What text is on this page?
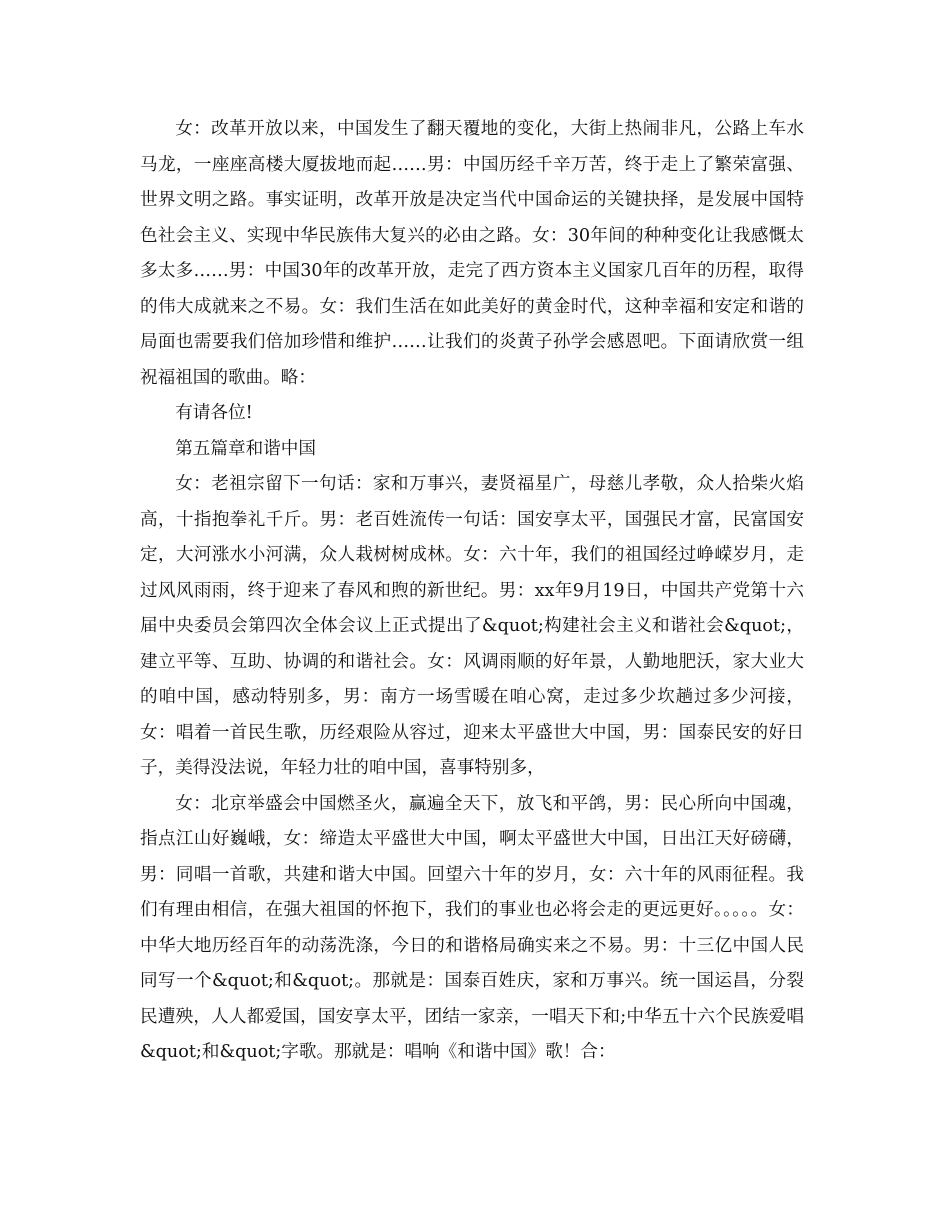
女：改革开放以来，中国发生了翻天覆地的变化，大街上热闹非凡，公路上车水马龙，一座座高楼大厦拔地而起……男：中国历经千辛万苦，终于走上了繁荣富强、世界文明之路。事实证明，改革开放是决定当代中国命运的关键抉择，是发展中国特色社会主义、实现中华民族伟大复兴的必由之路。女：30年间的种种变化让我感慨太多太多……男：中国30年的改革开放，走完了西方资本主义国家几百年的历程，取得的伟大成就来之不易。女：我们生活在如此美好的黄金时代，这种幸福和安定和谐的局面也需要我们倍加珍惜和维护……让我们的炎黄子孙学会感恩吧。下面请欣赏一组祝福祖国的歌曲。略：

有请各位!

第五篇章和谐中国

女：老祖宗留下一句话：家和万事兴，妻贤福星广，母慈儿孝敬，众人拾柴火焰高，十指抱拳礼千斤。男：老百姓流传一句话：国安享太平，国强民才富，民富国安定，大河涨水小河满，众人栽树树成林。女：六十年，我们的祖国经过峥嵘岁月，走过风风雨雨，终于迎来了春风和煦的新世纪。男：xx年9月19日，中国共产党第十六届中央委员会第四次全体会议上正式提出了&quot;构建社会主义和谐社会&quot;，建立平等、互助、协调的和谐社会。女：风调雨顺的好年景，人勤地肥沃，家大业大的咱中国，感动特别多，男：南方一场雪暖在咱心窝，走过多少坎趟过多少河接，女：唱着一首民生歌，历经艰险从容过，迎来太平盛世大中国，男：国泰民安的好日子，美得没法说，年轻力壮的咱中国，喜事特别多，

女：北京举盛会中国燃圣火，赢遍全天下，放飞和平鸽，男：民心所向中国魂，指点江山好巍峨，女：缔造太平盛世大中国，啊太平盛世大中国，日出江天好磅礴，男：同唱一首歌，共建和谐大中国。回望六十年的岁月，女：六十年的风雨征程。我们有理由相信，在强大祖国的怀抱下，我们的事业也必将会走的更远更好。。。。。女：中华大地历经百年的动荡洗涤，今日的和谐格局确实来之不易。男：十三亿中国人民同写一个&quot;和&quot;。那就是：国泰百姓庆，家和万事兴。统一国运昌，分裂民遭殃，人人都爱国，国安享太平，团结一家亲，一唱天下和;中华五十六个民族爱唱&quot;和&quot;字歌。那就是：唱响《和谐中国》歌！合：
